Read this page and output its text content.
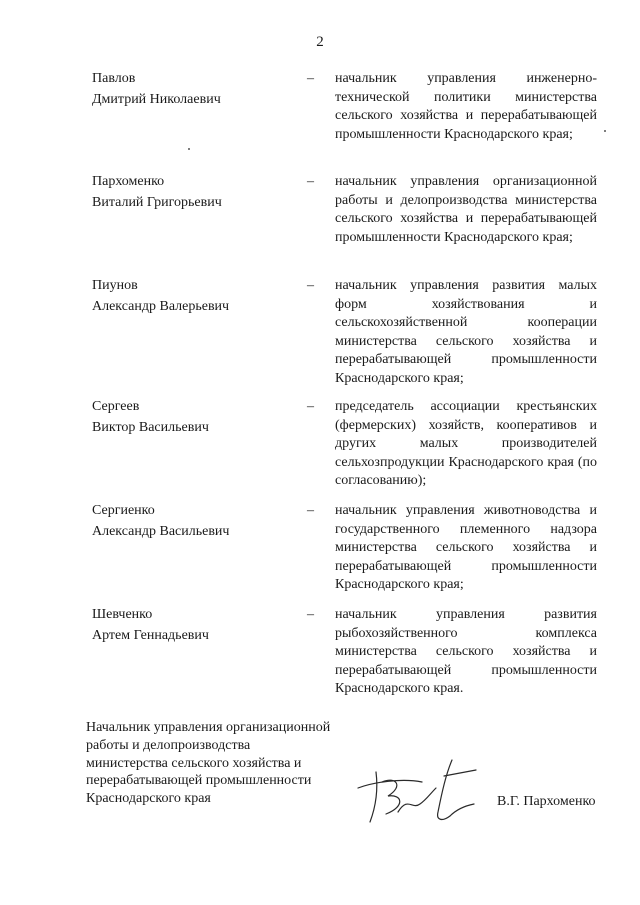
2
Павлов
Дмитрий Николаевич
– начальник управления инженерно-технической политики министерства сельского хозяйства и перерабатывающей промышленности Краснодарского края;
Пархоменко
Виталий Григорьевич
– начальник управления организационной работы и делопроизводства министерства сельского хозяйства и перерабатывающей промышленности Краснодарского края;
Пиунов
Александр Валерьевич
– начальник управления развития малых форм хозяйствования и сельскохозяйственной кооперации министерства сельского хозяйства и перерабатывающей промышленности Краснодарского края;
Сергеев
Виктор Васильевич
– председатель ассоциации крестьянских (фермерских) хозяйств, кооперативов и других малых производителей сельхозпродукции Краснодарского края (по согласованию);
Сергиенко
Александр Васильевич
– начальник управления животноводства и государственного племенного надзора министерства сельского хозяйства и перерабатывающей промышленности Краснодарского края;
Шевченко
Артем Геннадьевич
– начальник управления развития рыбохозяйственного комплекса министерства сельского хозяйства и перерабатывающей промышленности Краснодарского края.
Начальник управления организационной
работы и делопроизводства
министерства сельского хозяйства и
перерабатывающей промышленности
Краснодарского края	В.Г. Пархоменко
